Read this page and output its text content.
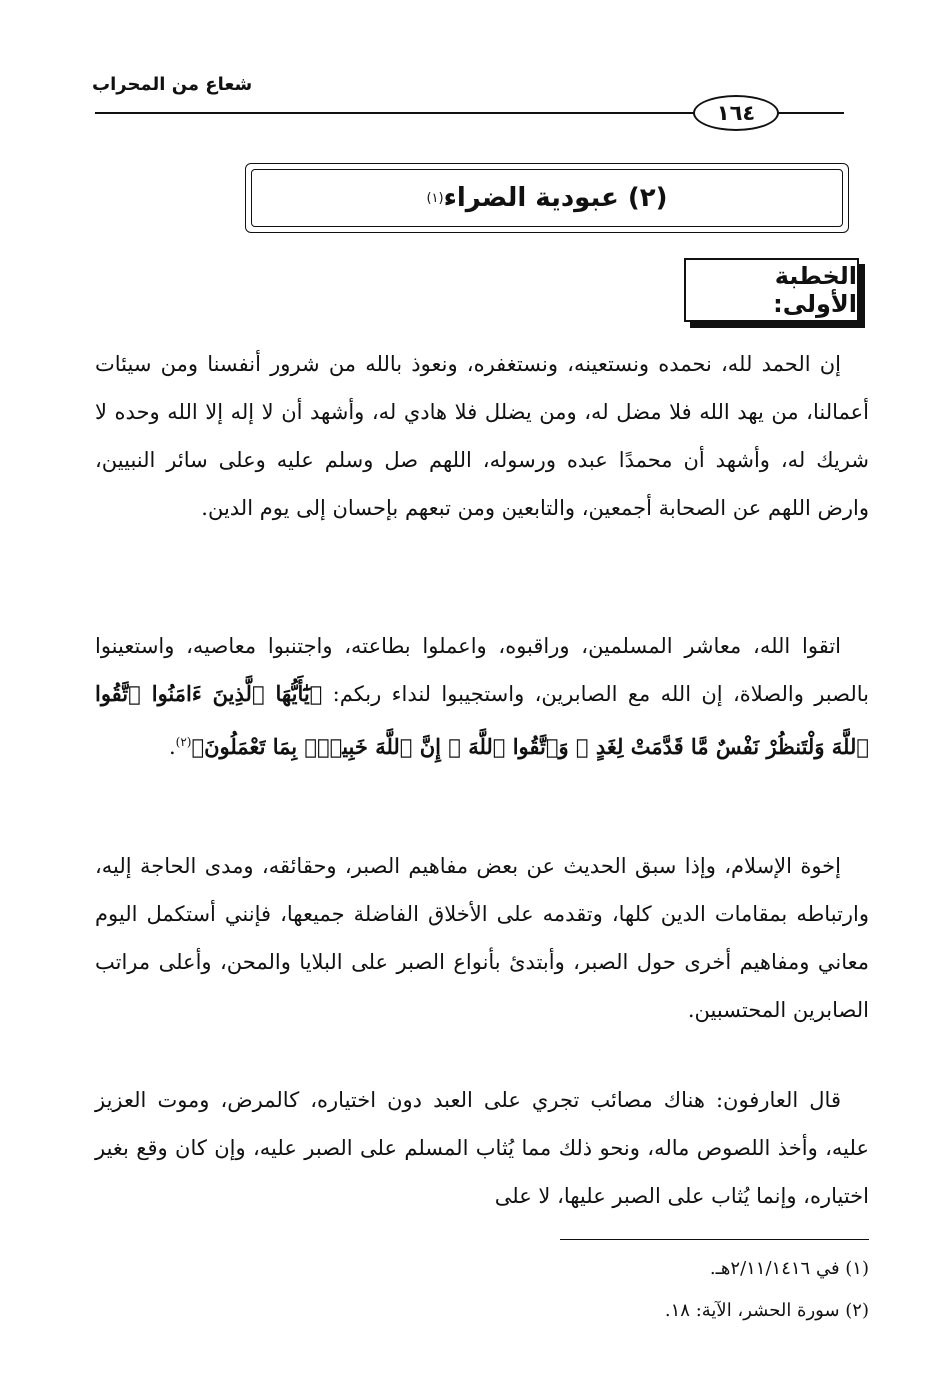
شعاع من المحراب
١٦٤
(٢) عبودية الضراء
(١)
الخطبة الأولى:

إن الحمد لله، نحمده ونستعينه، ونستغفره، ونعوذ بالله من شرور أنفسنا ومن سيئات أعمالنا، من يهد الله فلا مضل له، ومن يضلل فلا هادي له، وأشهد أن لا إله إلا الله وحده لا شريك له، وأشهد أن محمدًا عبده ورسوله، اللهم صل وسلم عليه وعلى سائر النبيين، وارض اللهم عن الصحابة أجمعين، والتابعين ومن تبعهم بإحسان إلى يوم الدين.

اتقوا الله، معاشر المسلمين، وراقبوه، واعملوا بطاعته، واجتنبوا معاصيه، واستعينوا بالصبر والصلاة، إن الله مع الصابرين، واستجيبوا لنداء ربكم: ﴿يَٰٓأَيُّهَا ٱلَّذِينَ ءَامَنُوا ٱتَّقُوا ٱللَّهَ وَلْتَنظُرْ نَفْسٌ مَّا قَدَّمَتْ لِغَدٍ ۖ وَٱتَّقُوا ٱللَّهَ ۚ إِنَّ ٱللَّهَ خَبِيرٌۢ بِمَا تَعْمَلُونَ﴾$^{(٢)}$.

إخوة الإسلام، وإذا سبق الحديث عن بعض مفاهيم الصبر، وحقائقه، ومدى الحاجة إليه، وارتباطه بمقامات الدين كلها، وتقدمه على الأخلاق الفاضلة جميعها، فإنني أستكمل اليوم معاني ومفاهيم أخرى حول الصبر، وأبتدئ بأنواع الصبر على البلايا والمحن، وأعلى مراتب الصابرين المحتسبين.

قال العارفون: هناك مصائب تجري على العبد دون اختياره، كالمرض، وموت العزيز عليه، وأخذ اللصوص ماله، ونحو ذلك مما يُثاب المسلم على الصبر عليه، وإن كان وقع بغير اختياره، وإنما يُثاب على الصبر عليها، لا على

(١) في ٢/١١/١٤١٦هـ.

(٢) سورة الحشر، الآية: ١٨.
